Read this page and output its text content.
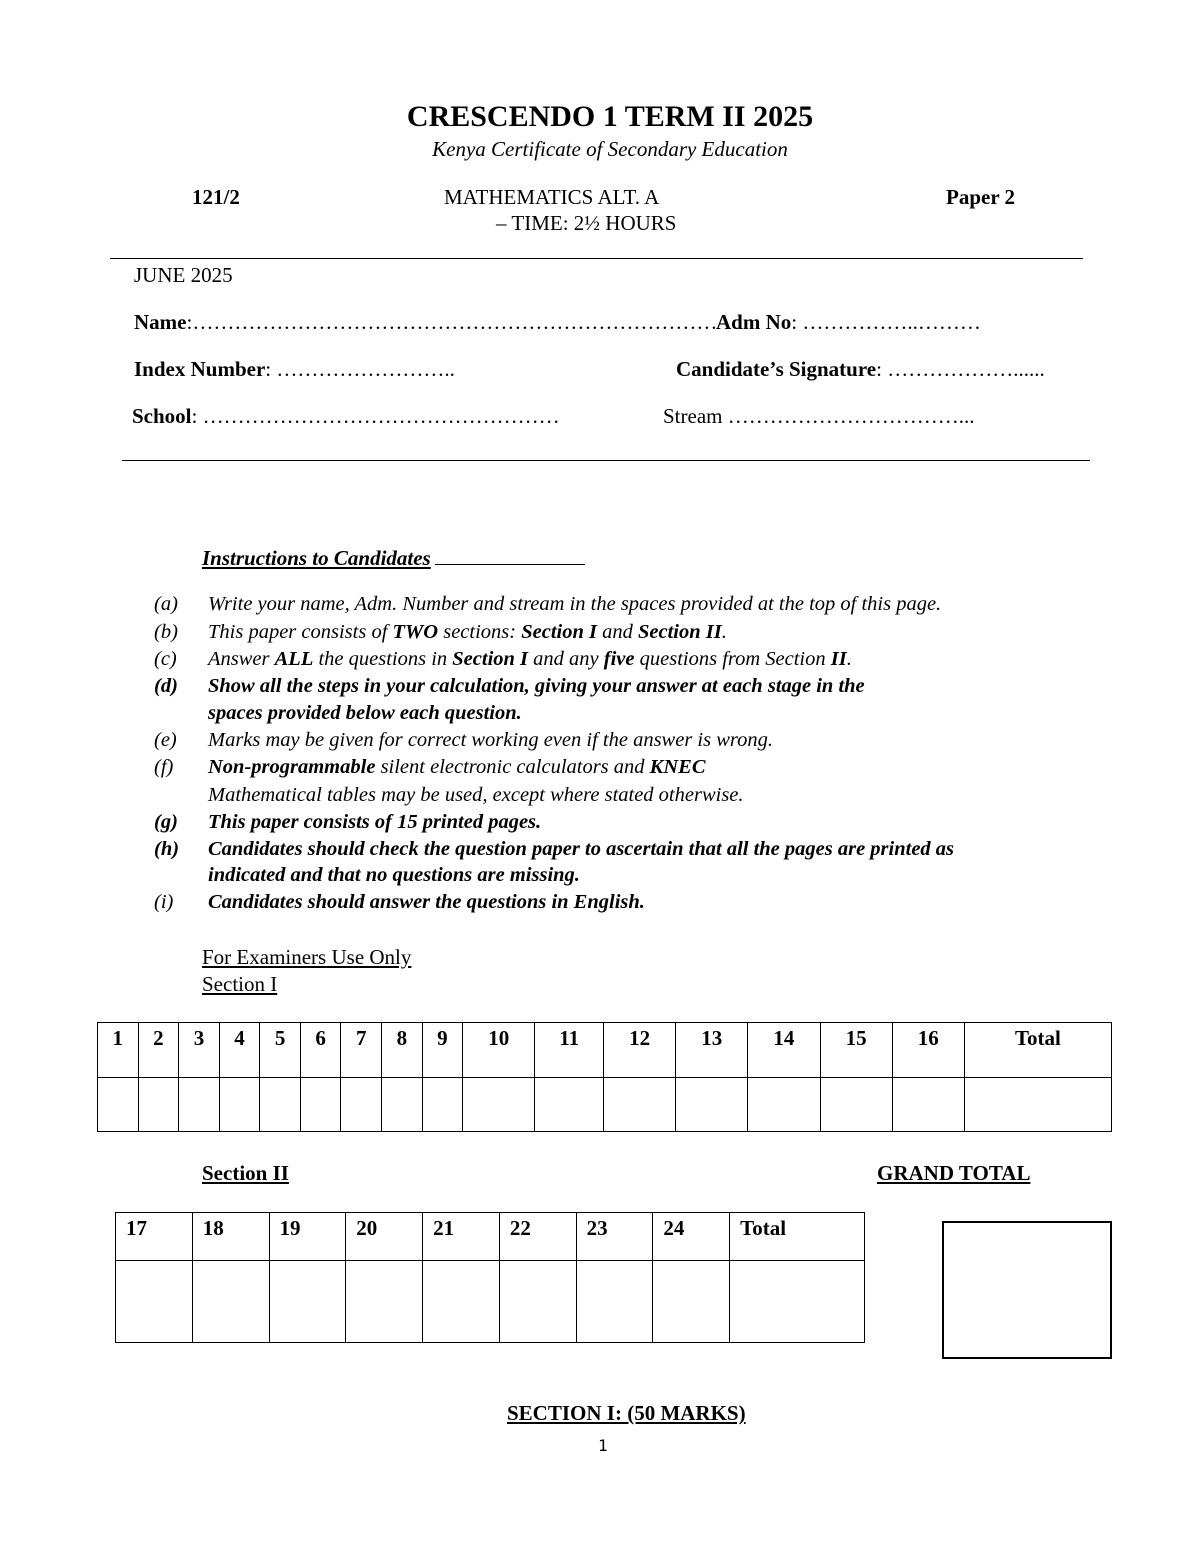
CRESCENDO 1 TERM II 2025
Kenya Certificate of Secondary Education
121/2	MATHEMATICS ALT. A	Paper 2
– TIME: 2½ HOURS
JUNE 2025
Name:…………………………………………………………………
Adm No: ……………..………
Index Number: ……………………..	Candidate’s Signature: ………………......
School: ……………………………………………	Stream ……………………………...
Instructions to Candidates
(a) Write your name, Adm. Number and stream in the spaces provided at the top of this page.
(b) This paper consists of TWO sections: Section I and Section II.
(c) Answer ALL the questions in Section I and any five questions from Section II.
(d) Show all the steps in your calculation, giving your answer at each stage in the
spaces provided below each question.
(e) Marks may be given for correct working even if the answer is wrong.
(f) Non-programmable silent electronic calculators and KNEC
Mathematical tables may be used, except where stated otherwise.
(g) This paper consists of 15 printed pages.
(h) Candidates should check the question paper to ascertain that all the pages are printed as
indicated and that no questions are missing.
(i) Candidates should answer the questions in English.
For Examiners Use Only
Section I
1	2	3	4	5	6	7	8	9	10	11	12	13	14	15	16	Total

Section II	GRAND TOTAL
17	18	19	20	21	22	23	24	Total

SECTION I: (50 MARKS)
1
